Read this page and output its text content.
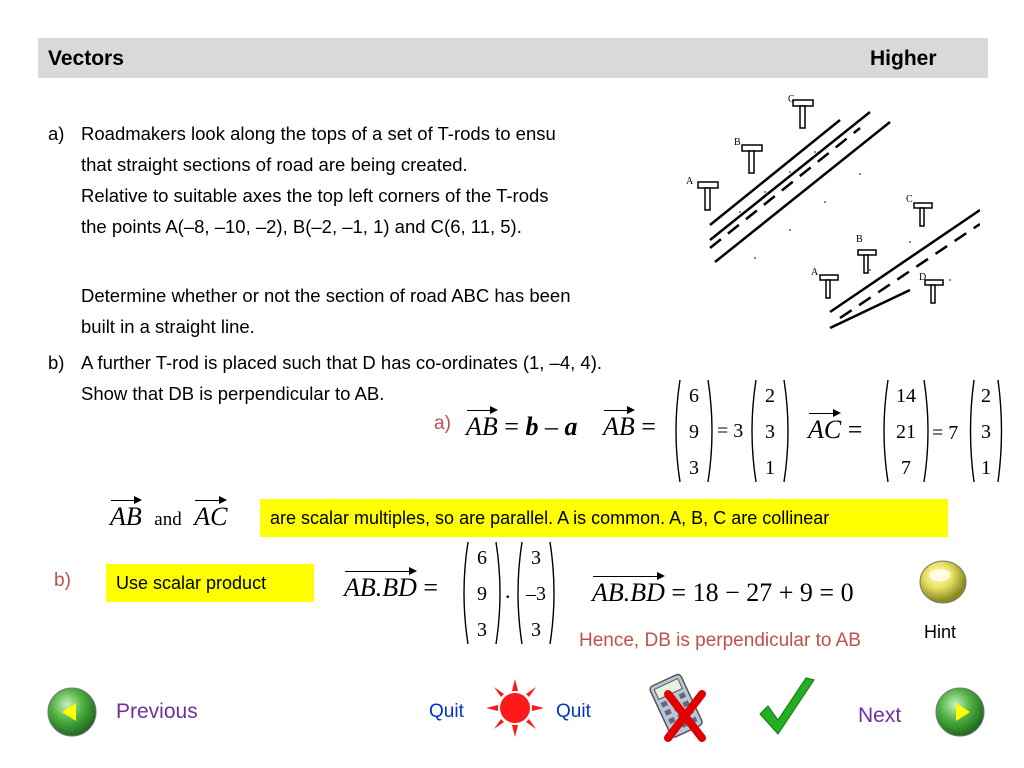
Vectors	Higher
a) Roadmakers look along the tops of a set of T-rods to ensu
that straight sections of road are being created.
Relative to suitable axes the top left corners of the T-rods
the points A(–8, –10, –2), B(–2, –1, 1) and C(6, 11, 5).
Determine whether or not the section of road ABC has been
built in a straight line.
b) A further T-rod is placed such that D has co-ordinates (1, –4, 4).
Show that DB is perpendicular to AB.
C
B
A
C
B
A	D
a) AB = b – a AB =
6
9
3
= 3
2
3
1
AC =
14
21
7
= 7
2
3
1
AB and AC are scalar multiples, so are parallel. A is common. A, B, C are collinear
b)	Use scalar product	AB.BD =
6
9
3
.
3
–3
3
AB.BD = 18 − 27 + 9 = 0
Hence, DB is perpendicular to AB	Hint
Previous	Quit	Quit	Next
